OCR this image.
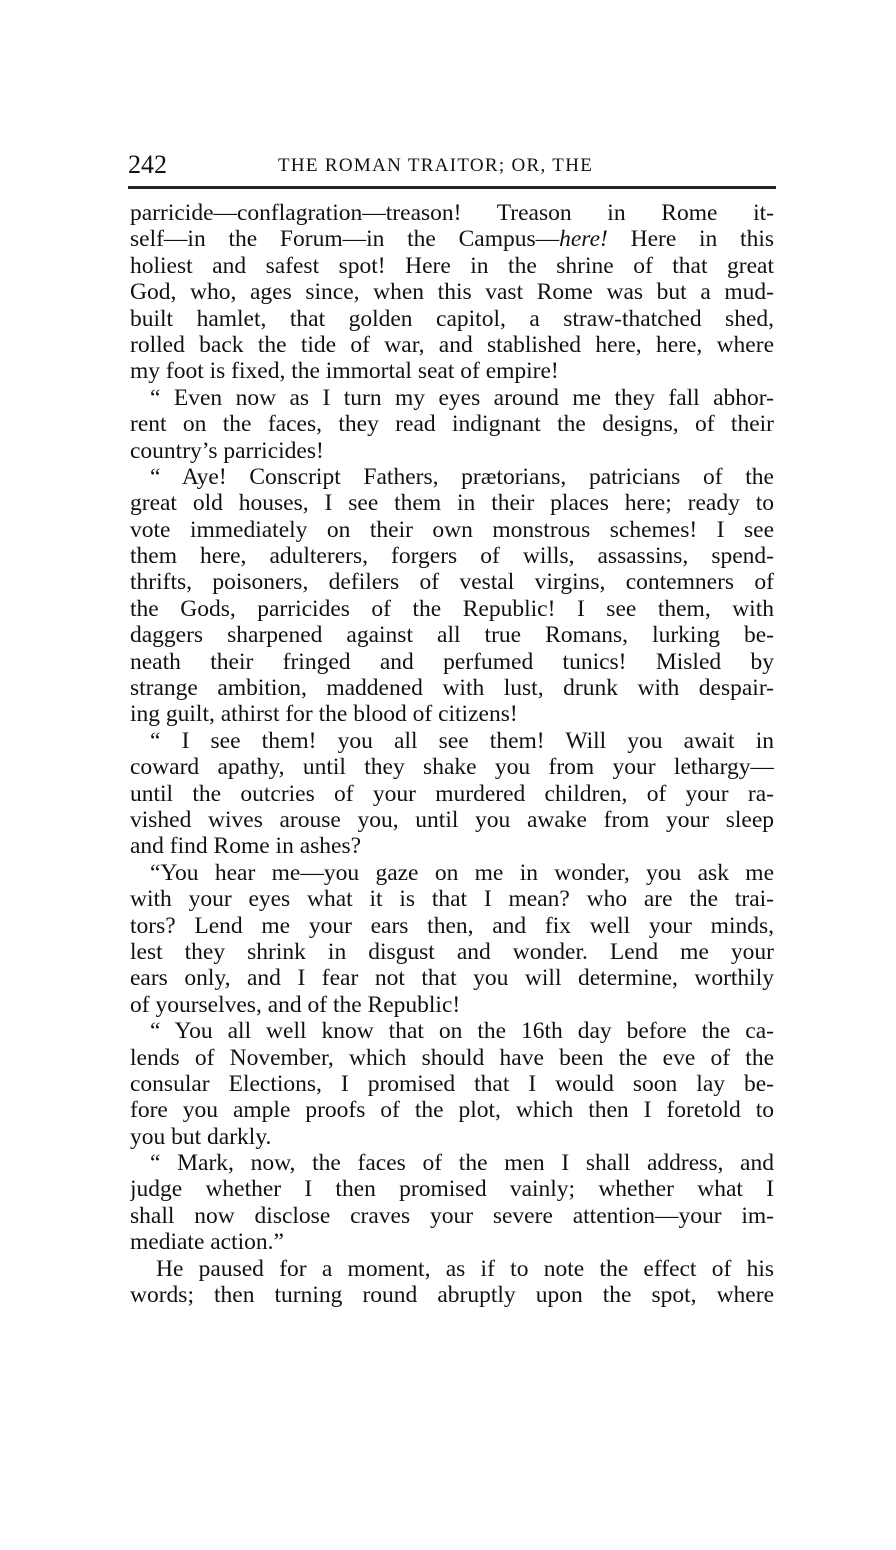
242	THE ROMAN TRAITOR; OR, THE
parricide—conflagration—treason! Treason in Rome it-
self—in the Forum—in the Campus—here! Here in this
holiest and safest spot! Here in the shrine of that great
God, who, ages since, when this vast Rome was but a mud-
built hamlet, that golden capitol, a straw-thatched shed,
rolled back the tide of war, and stablished here, here, where
my foot is fixed, the immortal seat of empire!
“ Even now as I turn my eyes around me they fall abhor-
rent on the faces, they read indignant the designs, of their
country’s parricides!
“ Aye! Conscript Fathers, prætorians, patricians of the
great old houses, I see them in their places here; ready to
vote immediately on their own monstrous schemes! I see
them here, adulterers, forgers of wills, assassins, spend-
thrifts, poisoners, defilers of vestal virgins, contemners of
the Gods, parricides of the Republic! I see them, with
daggers sharpened against all true Romans, lurking be-
neath their fringed and perfumed tunics! Misled by
strange ambition, maddened with lust, drunk with despair-
ing guilt, athirst for the blood of citizens!
“ I see them! you all see them! Will you await in
coward apathy, until they shake you from your lethargy—
until the outcries of your murdered children, of your ra-
vished wives arouse you, until you awake from your sleep
and find Rome in ashes?
“You hear me—you gaze on me in wonder, you ask me
with your eyes what it is that I mean? who are the trai-
tors? Lend me your ears then, and fix well your minds,
lest they shrink in disgust and wonder. Lend me your
ears only, and I fear not that you will determine, worthily
of yourselves, and of the Republic!
“ You all well know that on the 16th day before the ca-
lends of November, which should have been the eve of the
consular Elections, I promised that I would soon lay be-
fore you ample proofs of the plot, which then I foretold to
you but darkly.
“ Mark, now, the faces of the men I shall address, and
judge whether I then promised vainly; whether what I
shall now disclose craves your severe attention—your im-
mediate action.”
He paused for a moment, as if to note the effect of his
words; then turning round abruptly upon the spot, where
